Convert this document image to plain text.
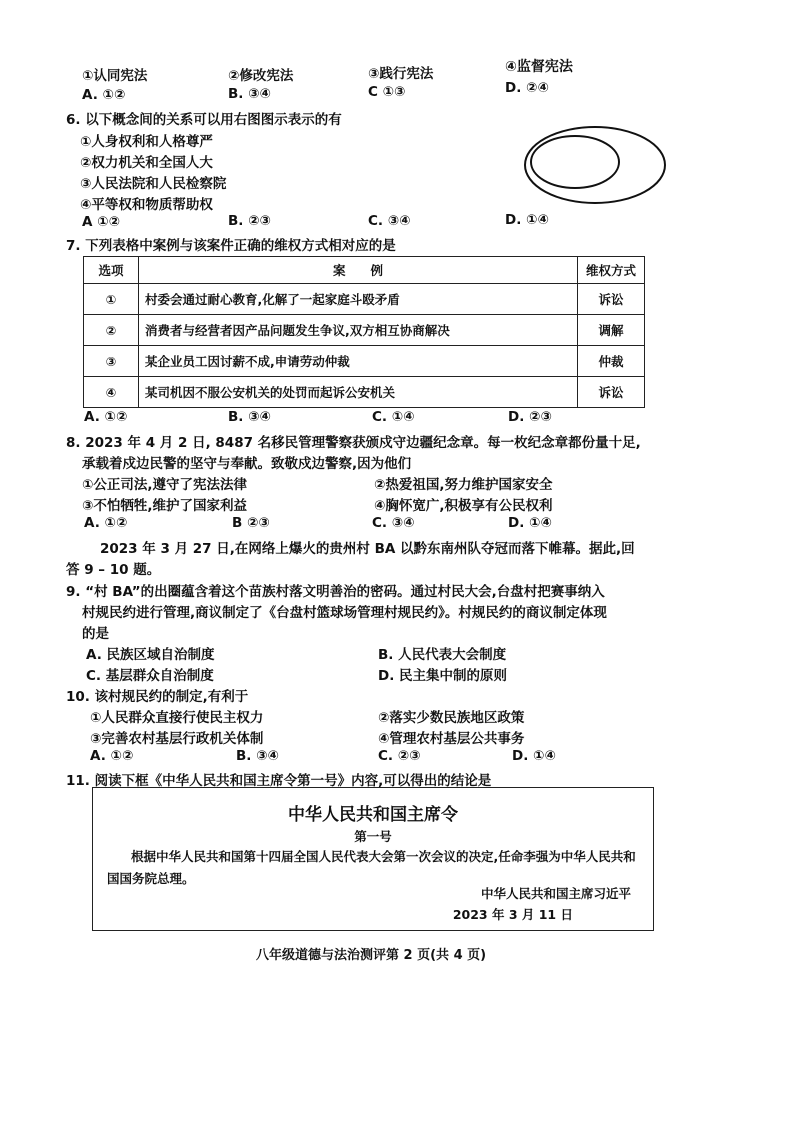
①认同宪法	②修改宪法	③践行宪法	④监督宪法
A. ①②	B. ③④	C ①③	D. ②④
6. 以下概念间的关系可以用右图图示表示的有
①人身权利和人格尊严
②权力机关和全国人大
③人民法院和人民检察院
④平等权和物质帮助权
A ①②	B. ②③	C. ③④	D. ①④
7. 下列表格中案例与该案件正确的维权方式相对应的是
选项	案　　例	维权方式
①	村委会通过耐心教育,化解了一起家庭斗殴矛盾	诉讼
②	消费者与经营者因产品问题发生争议,双方相互协商解决	调解
③	某企业员工因讨薪不成,申请劳动仲裁	仲裁
④	某司机因不服公安机关的处罚而起诉公安机关	诉讼
A. ①②	B. ③④	C. ①④	D. ②③
8. 2023 年 4 月 2 日, 8487 名移民管理警察获颁戍守边疆纪念章。每一枚纪念章都份量十足,
承载着戍边民警的坚守与奉献。致敬戍边警察,因为他们
①公正司法,遵守了宪法法律	②热爱祖国,努力维护国家安全
③不怕牺牲,维护了国家利益	④胸怀宽广,积极享有公民权利
A. ①②	B ②③	C. ③④	D. ①④
2023 年 3 月 27 日,在网络上爆火的贵州村 BA 以黔东南州队夺冠而落下帷幕。据此,回
答 9 – 10 题。
9. “村 BA”的出圈蕴含着这个苗族村落文明善治的密码。通过村民大会,台盘村把赛事纳入
村规民约进行管理,商议制定了《台盘村篮球场管理村规民约》。村规民约的商议制定体现
的是
A. 民族区域自治制度	B. 人民代表大会制度
C. 基层群众自治制度	D. 民主集中制的原则
10. 该村规民约的制定,有利于
①人民群众直接行使民主权力	②落实少数民族地区政策
③完善农村基层行政机关体制	④管理农村基层公共事务
A. ①②	B. ③④	C. ②③	D. ①④
11. 阅读下框《中华人民共和国主席令第一号》内容,可以得出的结论是
中华人民共和国主席令
第一号
根据中华人民共和国第十四届全国人民代表大会第一次会议的决定,任命李强为中华人民共和国国务院总理。
中华人民共和国主席习近平
2023 年 3 月 11 日
八年级道德与法治测评第 2 页(共 4 页)
